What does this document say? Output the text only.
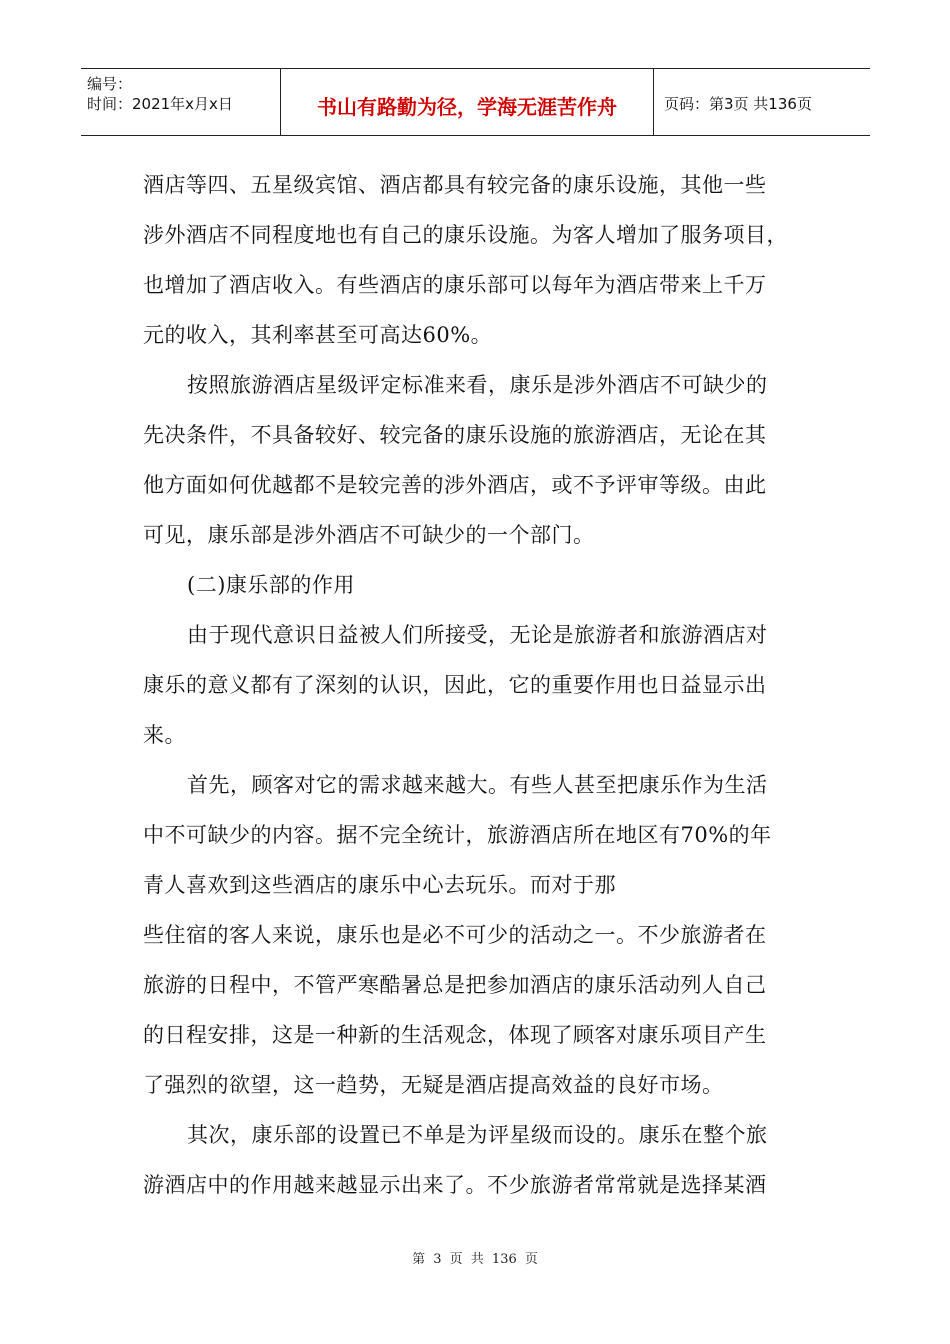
编号：
时间：2021年x月x日	书山有路勤为径，学海无涯苦作舟	页码：第3页 共136页
酒店等四、五星级宾馆、酒店都具有较完备的康乐设施，其他一些
涉外酒店不同程度地也有自己的康乐设施。为客人增加了服务项目，
也增加了酒店收入。有些酒店的康乐部可以每年为酒店带来上千万
元的收入，其利率甚至可高达60%。
按照旅游酒店星级评定标准来看，康乐是涉外酒店不可缺少的
先决条件，不具备较好、较完备的康乐设施的旅游酒店，无论在其
他方面如何优越都不是较完善的涉外酒店，或不予评审等级。由此
可见，康乐部是涉外酒店不可缺少的一个部门。
(二)康乐部的作用
由于现代意识日益被人们所接受，无论是旅游者和旅游酒店对
康乐的意义都有了深刻的认识，因此，它的重要作用也日益显示出
来。
首先，顾客对它的需求越来越大。有些人甚至把康乐作为生活
中不可缺少的内容。据不完全统计，旅游酒店所在地区有70%的年
青人喜欢到这些酒店的康乐中心去玩乐。而对于那
些住宿的客人来说，康乐也是必不可少的活动之一。不少旅游者在
旅游的日程中，不管严寒酷暑总是把参加酒店的康乐活动列人自己
的日程安排，这是一种新的生活观念，体现了顾客对康乐项目产生
了强烈的欲望，这一趋势，无疑是酒店提高效益的良好市场。
其次，康乐部的设置已不单是为评星级而设的。康乐在整个旅
游酒店中的作用越来越显示出来了。不少旅游者常常就是选择某酒
第 3 页 共 136 页
